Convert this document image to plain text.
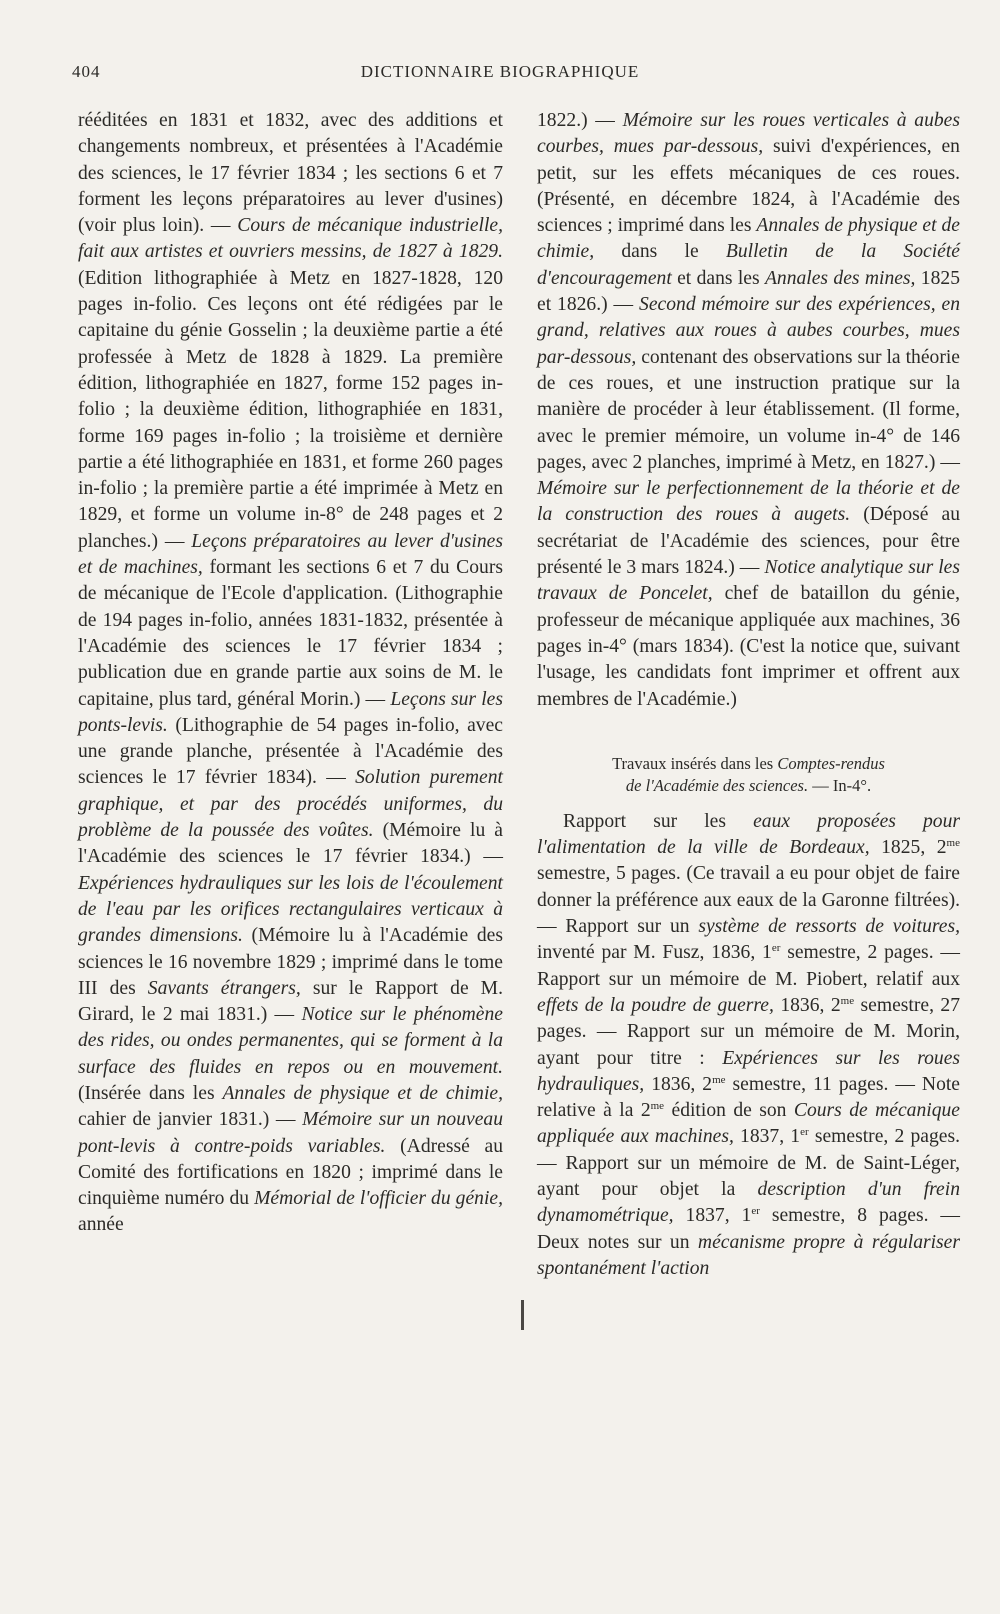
404	DICTIONNAIRE BIOGRAPHIQUE

rééditées en 1831 et 1832, avec des additions et changements nombreux, et présentées à l'Académie des sciences, le 17 février 1834 ; les sections 6 et 7 forment les leçons préparatoires au lever d'usines) (voir plus loin). — Cours de mécanique industrielle, fait aux artistes et ouvriers messins, de 1827 à 1829. (Edition lithographiée à Metz en 1827-1828, 120 pages in-folio. Ces leçons ont été rédigées par le capitaine du génie Gosselin ; la deuxième partie a été professée à Metz de 1828 à 1829. La première édition, lithographiée en 1827, forme 152 pages in-folio ; la deuxième édition, lithographiée en 1831, forme 169 pages in-folio ; la troisième et dernière partie a été lithographiée en 1831, et forme 260 pages in-folio ; la première partie a été imprimée à Metz en 1829, et forme un volume in-8° de 248 pages et 2 planches.) — Leçons préparatoires au lever d'usines et de machines, formant les sections 6 et 7 du Cours de mécanique de l'Ecole d'application. (Lithographie de 194 pages in-folio, années 1831-1832, présentée à l'Académie des sciences le 17 février 1834 ; publication due en grande partie aux soins de M. le capitaine, plus tard, général Morin.) — Leçons sur les ponts-levis. (Lithographie de 54 pages in-folio, avec une grande planche, présentée à l'Académie des sciences le 17 février 1834). — Solution purement graphique, et par des procédés uniformes, du problème de la poussée des voûtes. (Mémoire lu à l'Académie des sciences le 17 février 1834.) — Expériences hydrauliques sur les lois de l'écoulement de l'eau par les orifices rectangulaires verticaux à grandes dimensions. (Mémoire lu à l'Académie des sciences le 16 novembre 1829 ; imprimé dans le tome III des Savants étrangers, sur le Rapport de M. Girard, le 2 mai 1831.) — Notice sur le phénomène des rides, ou ondes permanentes, qui se forment à la surface des fluides en repos ou en mouvement. (Insérée dans les Annales de physique et de chimie, cahier de janvier 1831.) — Mémoire sur un nouveau pont-levis à contre-poids variables. (Adressé au Comité des fortifications en 1820 ; imprimé dans le cinquième numéro du Mémorial de l'officier du génie, année

1822.) — Mémoire sur les roues verticales à aubes courbes, mues par-dessous, suivi d'expériences, en petit, sur les effets mécaniques de ces roues. (Présenté, en décembre 1824, à l'Académie des sciences ; imprimé dans les Annales de physique et de chimie, dans le Bulletin de la Société d'encouragement et dans les Annales des mines, 1825 et 1826.) — Second mémoire sur des expériences, en grand, relatives aux roues à aubes courbes, mues par-dessous, contenant des observations sur la théorie de ces roues, et une instruction pratique sur la manière de procéder à leur établissement. (Il forme, avec le premier mémoire, un volume in-4° de 146 pages, avec 2 planches, imprimé à Metz, en 1827.) — Mémoire sur le perfectionnement de la théorie et de la construction des roues à augets. (Déposé au secrétariat de l'Académie des sciences, pour être présenté le 3 mars 1824.) — Notice analytique sur les travaux de Poncelet, chef de bataillon du génie, professeur de mécanique appliquée aux machines, 36 pages in-4° (mars 1834). (C'est la notice que, suivant l'usage, les candidats font imprimer et offrent aux membres de l'Académie.)

Travaux insérés dans les Comptes-rendus
de l'Académie des sciences. — In-4°.

Rapport sur les eaux proposées pour l'alimentation de la ville de Bordeaux, 1825, $2^{me}$ semestre, 5 pages. (Ce travail a eu pour objet de faire donner la préférence aux eaux de la Garonne filtrées). — Rapport sur un système de ressorts de voitures, inventé par M. Fusz, 1836, 1er semestre, 2 pages. — Rapport sur un mémoire de M. Piobert, relatif aux effets de la poudre de guerre, 1836, $2^{me}$ semestre, 27 pages. — Rapport sur un mémoire de M. Morin, ayant pour titre : Expériences sur les roues hydrauliques, 1836, $2^{me}$ semestre, 11 pages. — Note relative à la $2^{me}$ édition de son Cours de mécanique appliquée aux machines, 1837, 1er semestre, 2 pages. — Rapport sur un mémoire de M. de Saint-Léger, ayant pour objet la description d'un frein dynamométrique, 1837, 1er semestre, 8 pages. — Deux notes sur un mécanisme propre à régulariser spontanément l'action
